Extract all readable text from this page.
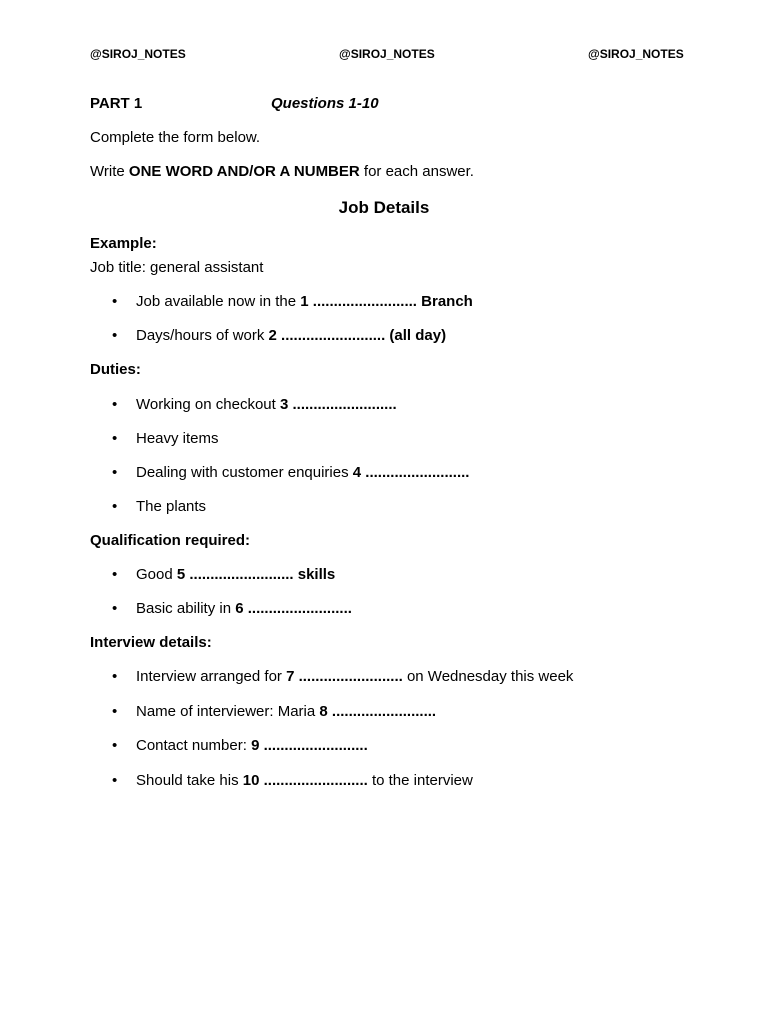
@SIROJ_NOTES	@SIROJ_NOTES	@SIROJ_NOTES
PART 1	Questions 1-10
Complete the form below.
Write ONE WORD AND/OR A NUMBER for each answer.
Job Details
Example:
Job title: general assistant
• Job available now in the 1 ......................... Branch
• Days/hours of work 2 ......................... (all day)
• Working on checkout 3 .........................
• Heavy items
• Dealing with customer enquiries 4 .........................
• The plants
• Good 5 ......................... skills
• Basic ability in 6 .........................
• Interview arranged for 7 ......................... on Wednesday this week
• Name of interviewer: Maria 8 .........................
• Contact number: 9 .........................
• Should take his 10 ......................... to the interview
Duties:
Qualification required:
Interview details:
